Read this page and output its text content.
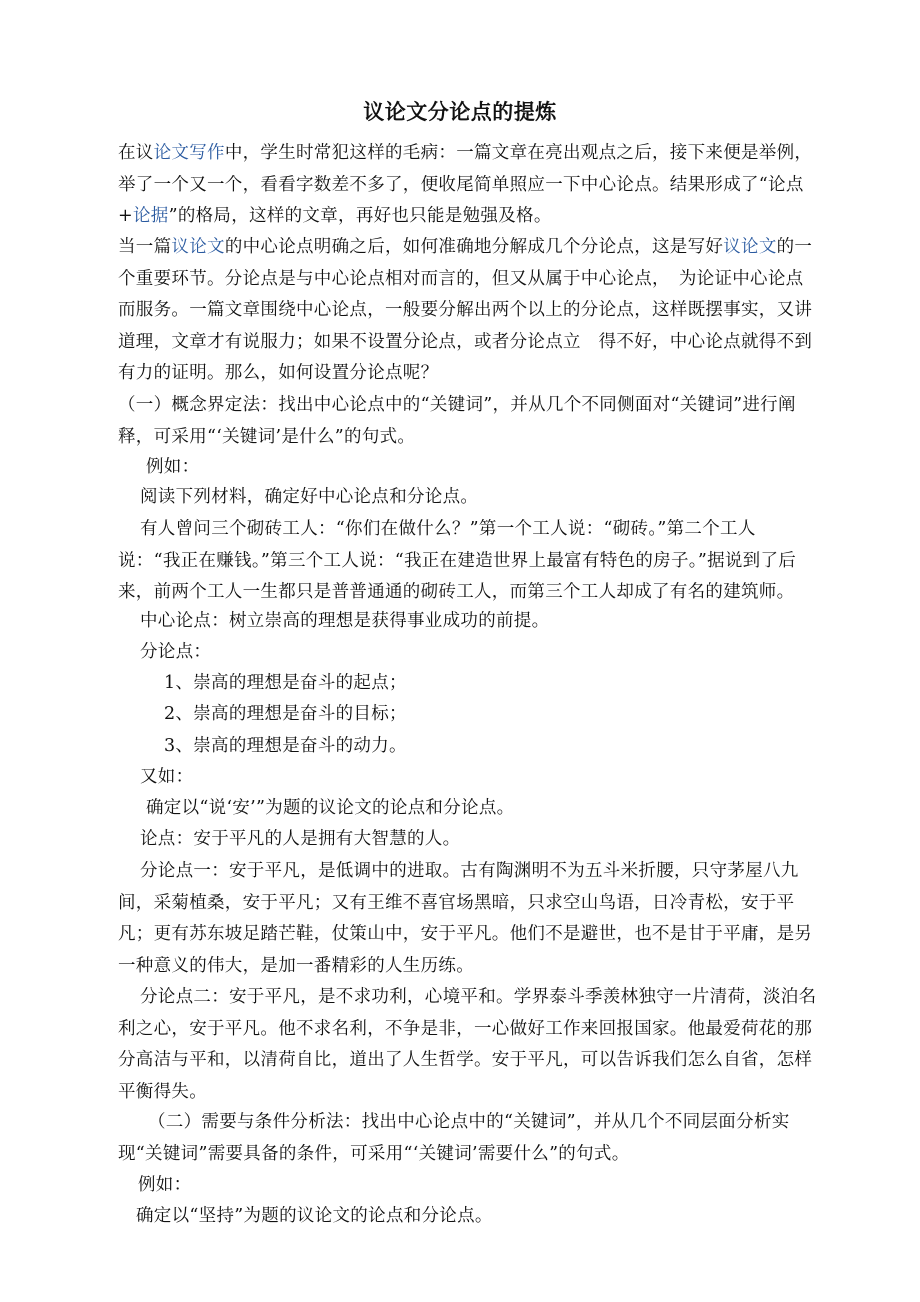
议论文分论点的提炼

在议论文写作中，学生时常犯这样的毛病：一篇文章在亮出观点之后，接下来便是举例，举了一个又一个，看看字数差不多了，便收尾简单照应一下中心论点。结果形成了“论点+论据”的格局，这样的文章，再好也只能是勉强及格。

当一篇议论文的中心论点明确之后，如何准确地分解成几个分论点，这是写好议论文的一个重要环节。分论点是与中心论点相对而言的，但又从属于中心论点，　为论证中心论点而服务。一篇文章围绕中心论点，一般要分解出两个以上的分论点，这样既摆事实，又讲道理，文章才有说服力；如果不设置分论点，或者分论点立　得不好，中心论点就得不到有力的证明。那么，如何设置分论点呢？

（一）概念界定法：找出中心论点中的“关键词”，并从几个不同侧面对“关键词”进行阐释，可采用“‘关键词’是什么”的句式。

例如：
阅读下列材料，确定好中心论点和分论点。

有人曾问三个砌砖工人：“你们在做什么？”第一个工人说：“砌砖。”第二个工人说：“我正在赚钱。”第三个工人说：“我正在建造世界上最富有特色的房子。”据说到了后来，前两个工人一生都只是普普通通的砌砖工人，而第三个工人却成了有名的建筑师。

中心论点：树立崇高的理想是获得事业成功的前提。
分论点：
1、崇高的理想是奋斗的起点；
2、崇高的理想是奋斗的目标；
3、崇高的理想是奋斗的动力。
又如：
确定以“说‘安’”为题的议论文的论点和分论点。
论点：安于平凡的人是拥有大智慧的人。

分论点一：安于平凡，是低调中的进取。古有陶渊明不为五斗米折腰，只守茅屋八九间，采菊植桑，安于平凡；又有王维不喜官场黑暗，只求空山鸟语，日冷青松，安于平凡；更有苏东坡足踏芒鞋，仗策山中，安于平凡。他们不是避世，也不是甘于平庸，是另一种意义的伟大，是加一番精彩的人生历练。

分论点二：安于平凡，是不求功利，心境平和。学界泰斗季羡林独守一片清荷，淡泊名利之心，安于平凡。他不求名利，不争是非，一心做好工作来回报国家。他最爱荷花的那分高洁与平和，以清荷自比，道出了人生哲学。安于平凡，可以告诉我们怎么自省，怎样平衡得失。

（二）需要与条件分析法：找出中心论点中的“关键词”，并从几个不同层面分析实现“关键词”需要具备的条件，可采用“‘关键词’需要什么”的句式。

例如：
确定以“坚持”为题的议论文的论点和分论点。
